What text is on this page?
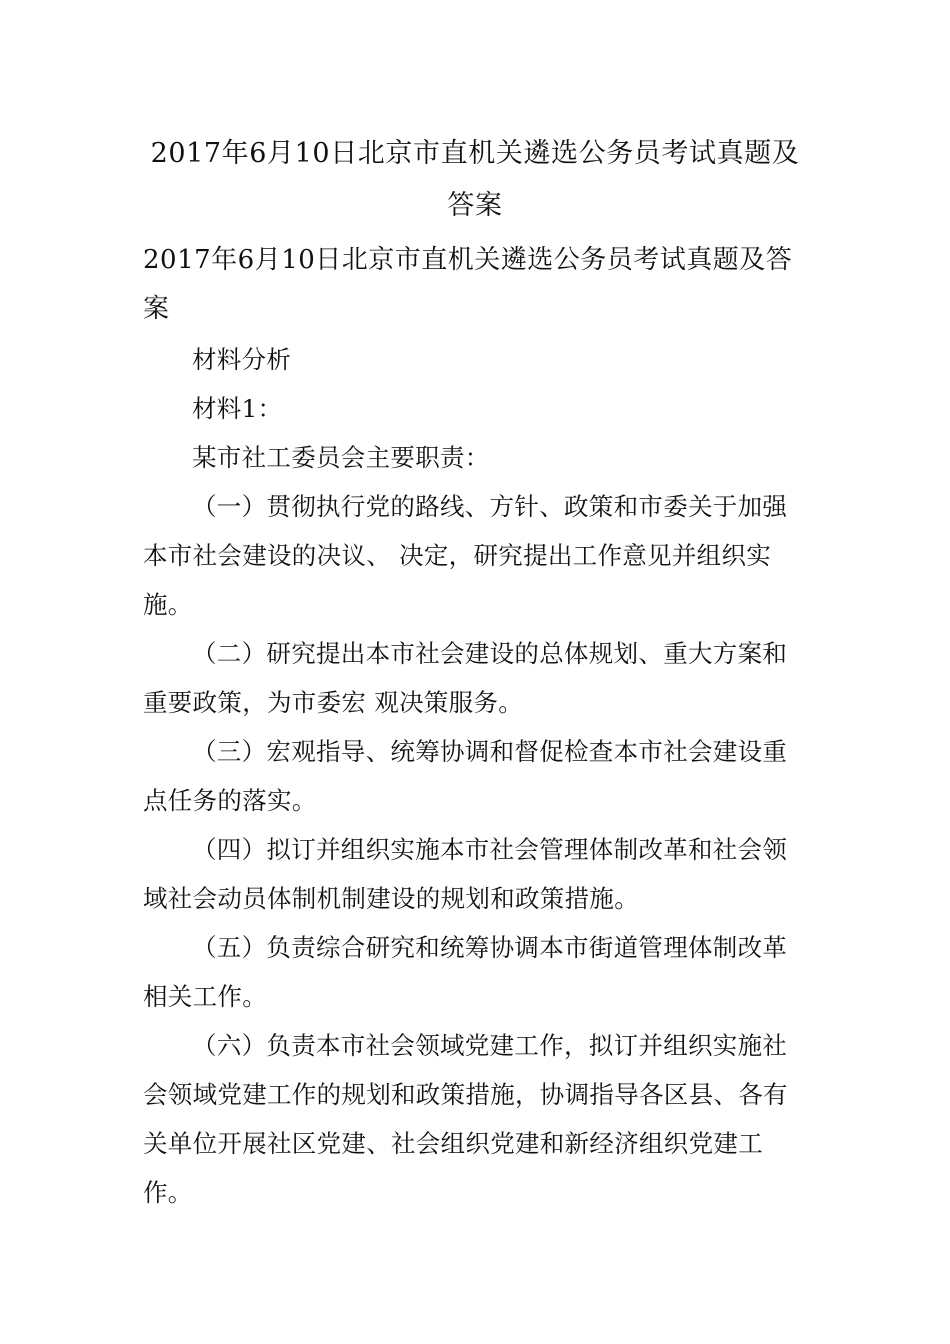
2017年6月10日北京市直机关遴选公务员考试真题及答案

2017年6月10日北京市直机关遴选公务员考试真题及答案

材料分析

材料1：

某市社工委员会主要职责：

（一）贯彻执行党的路线、方针、政策和市委关于加强本市社会建设的决议、 决定，研究提出工作意见并组织实施。

（二）研究提出本市社会建设的总体规划、重大方案和重要政策，为市委宏 观决策服务。

（三）宏观指导、统筹协调和督促检查本市社会建设重点任务的落实。

（四）拟订并组织实施本市社会管理体制改革和社会领域社会动员体制机制建设的规划和政策措施。

（五）负责综合研究和统筹协调本市街道管理体制改革相关工作。

（六）负责本市社会领域党建工作，拟订并组织实施社会领域党建工作的规划和政策措施，协调指导各区县、各有关单位开展社区党建、社会组织党建和新经济组织党建工作。
